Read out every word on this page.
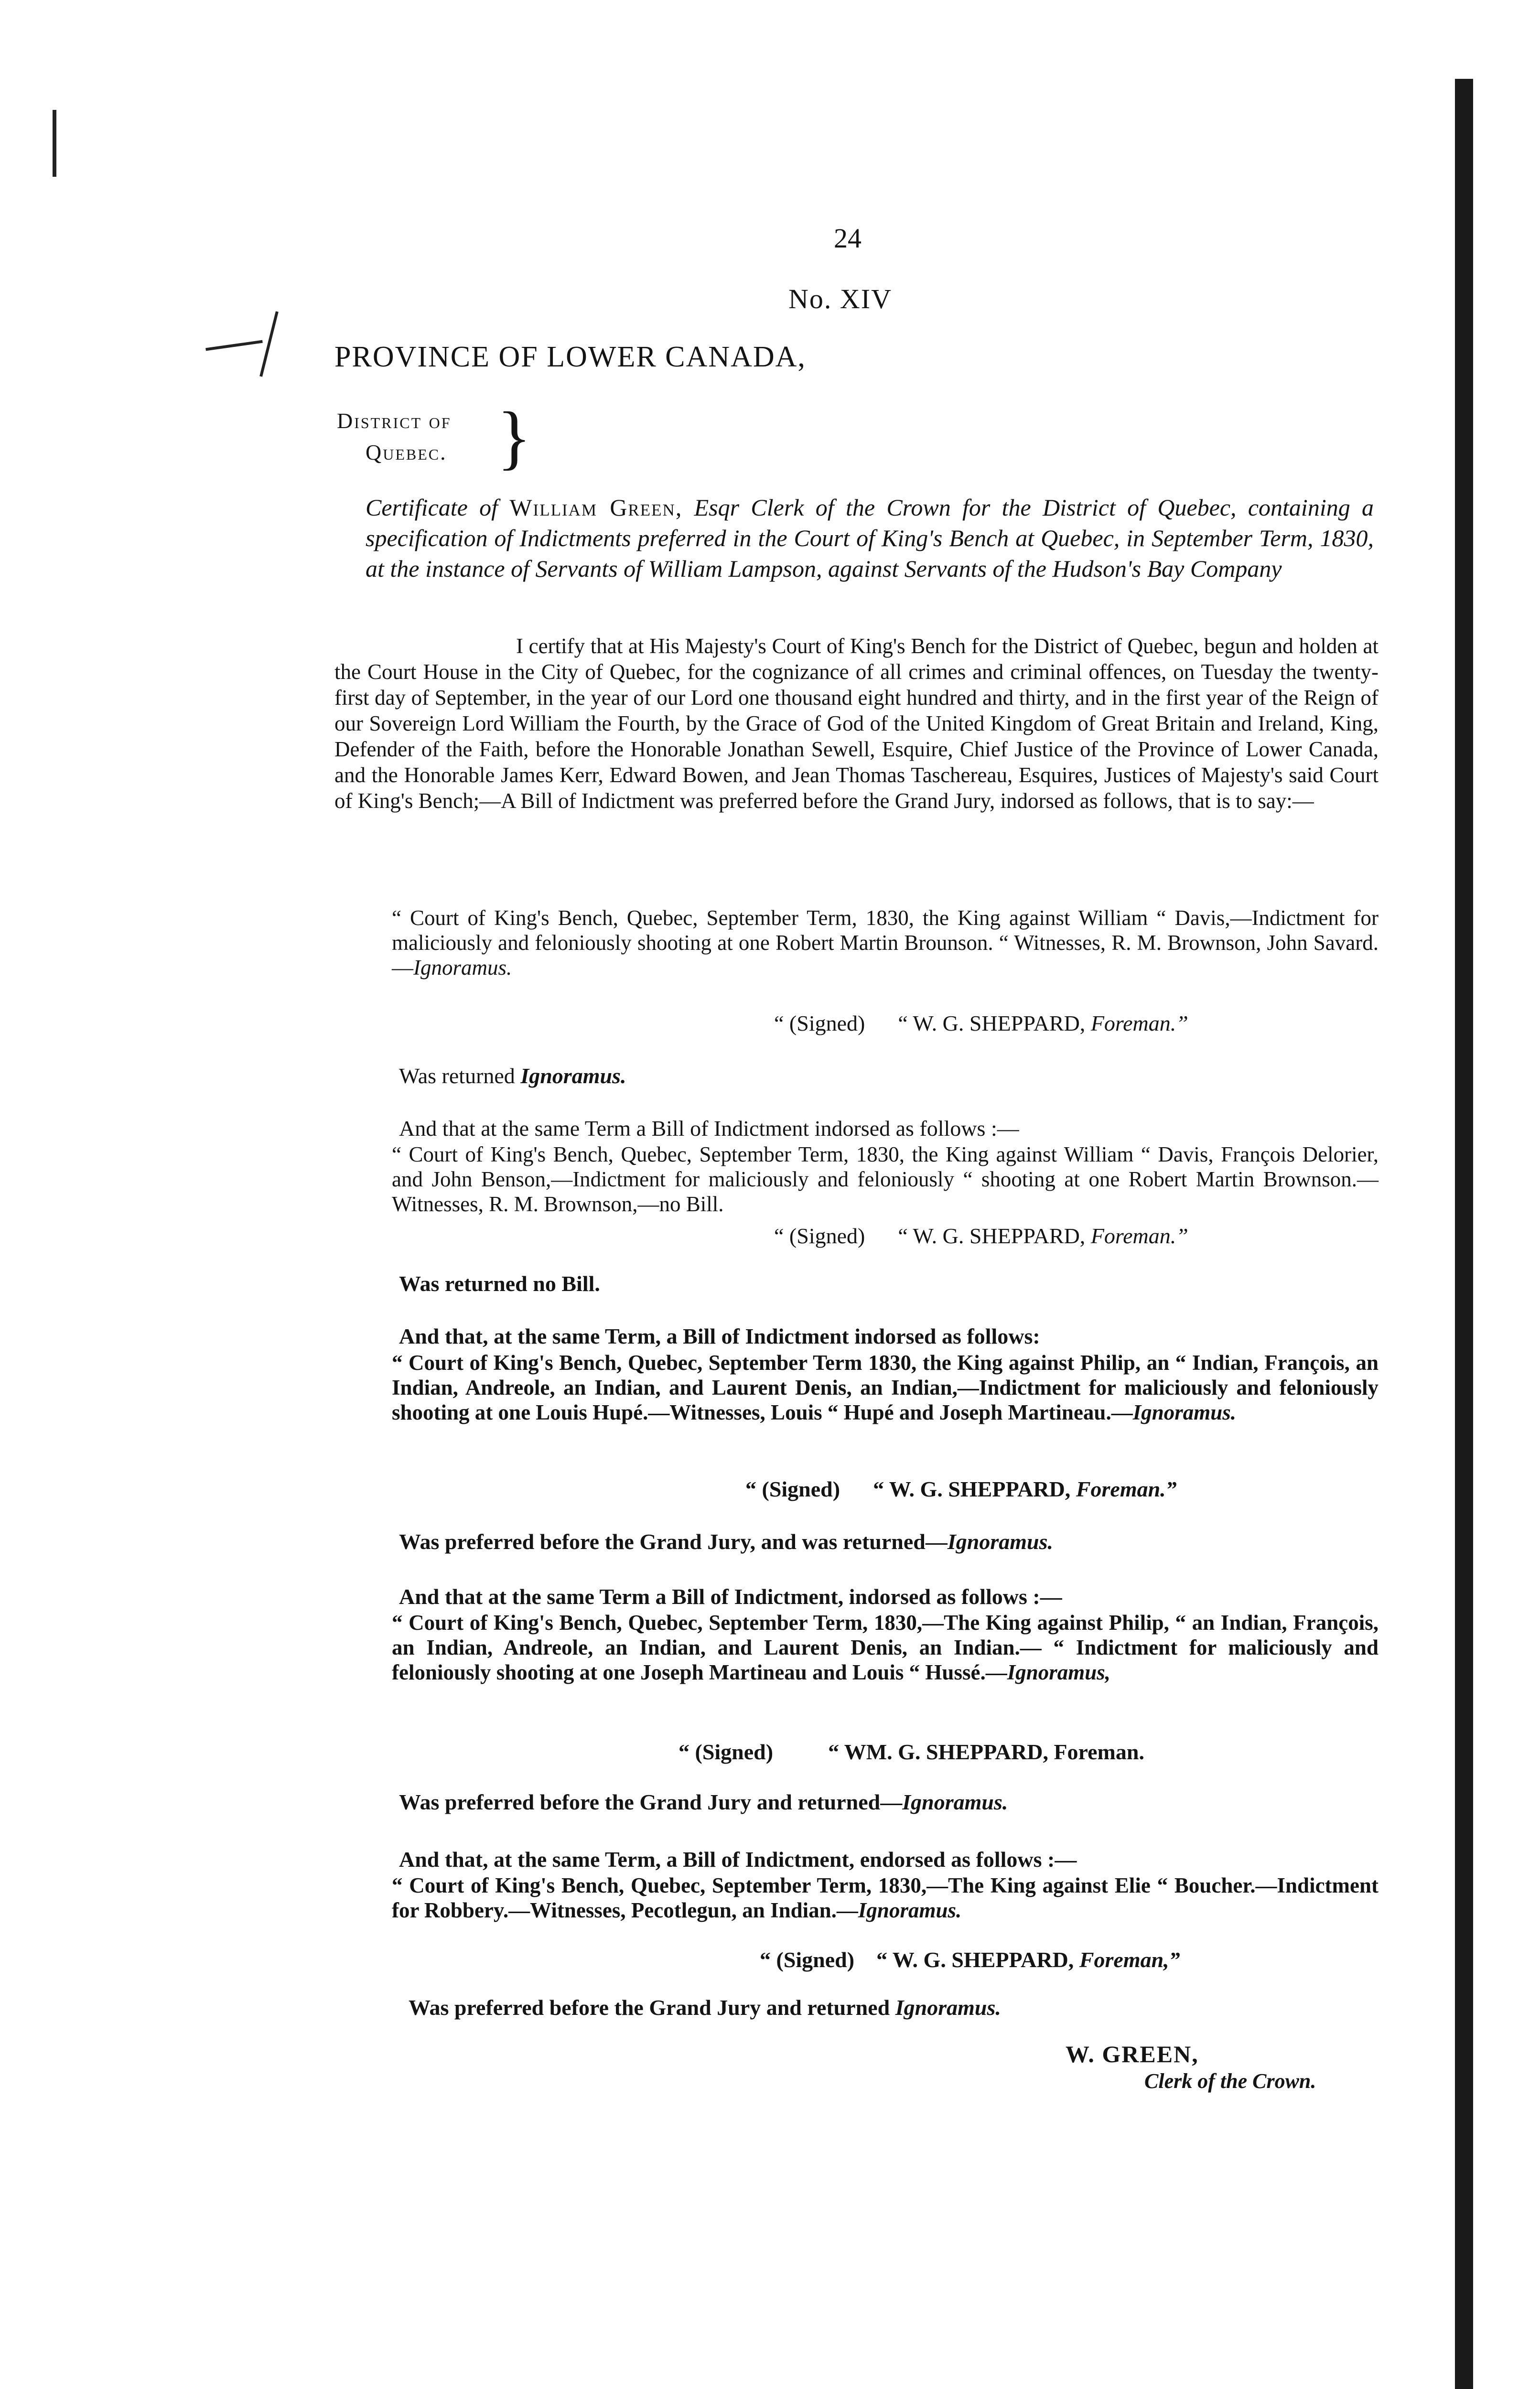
24
No. XIV
PROVINCE OF LOWER CANADA,
District of
Quebec. }
Certificate of William Green, Esqr Clerk of the Crown for the District of Quebec, containing a specification of Indictments preferred in the Court of King's Bench at Quebec, in September Term, 1830, at the instance of Servants of William Lampson, against Servants of the Hudson's Bay Company
I certify that at His Majesty's Court of King's Bench for the District of Quebec, begun and holden at the Court House in the City of Quebec, for the cognizance of all crimes and criminal offences, on Tuesday the twenty-first day of September, in the year of our Lord one thousand eight hundred and thirty, and in the first year of the Reign of our Sovereign Lord William the Fourth, by the Grace of God of the United Kingdom of Great Britain and Ireland, King, Defender of the Faith, before the Honorable Jonathan Sewell, Esquire, Chief Justice of the Province of Lower Canada, and the Honorable James Kerr, Edward Bowen, and Jean Thomas Taschereau, Esquires, Justices of Majesty's said Court of King's Bench;—A Bill of Indictment was preferred before the Grand Jury, indorsed as follows, that is to say:—
“ Court of King's Bench, Quebec, September Term, 1830, the King against William “ Davis,—Indictment for maliciously and feloniously shooting at one Robert Martin Brounson. “ Witnesses, R. M. Brownson, John Savard.—Ignoramus.
“ (Signed) “ W. G. SHEPPARD, Foreman.”
Was returned Ignoramus.
And that at the same Term a Bill of Indictment indorsed as follows :—
“ Court of King's Bench, Quebec, September Term, 1830, the King against William “ Davis, François Delorier, and John Benson,—Indictment for maliciously and feloniously “ shooting at one Robert Martin Brownson.—Witnesses, R. M. Brownson,—no Bill.
“ (Signed) “ W. G. SHEPPARD, Foreman.”
Was returned no Bill.
And that, at the same Term, a Bill of Indictment indorsed as follows:
“ Court of King's Bench, Quebec, September Term 1830, the King against Philip, an “ Indian, François, an Indian, Andreole, an Indian, and Laurent Denis, an Indian,—Indictment for maliciously and feloniously shooting at one Louis Hupé.—Witnesses, Louis “ Hupé and Joseph Martineau.—Ignoramus.
“ (Signed) “ W. G. SHEPPARD, Foreman.”
Was preferred before the Grand Jury, and was returned—Ignoramus.
And that at the same Term a Bill of Indictment, indorsed as follows :—
“ Court of King's Bench, Quebec, September Term, 1830,—The King against Philip, “ an Indian, François, an Indian, Andreole, an Indian, and Laurent Denis, an Indian.— “ Indictment for maliciously and feloniously shooting at one Joseph Martineau and Louis “ Hussé.—Ignoramus,
“ (Signed)	“ WM. G. SHEPPARD, Foreman.
Was preferred before the Grand Jury and returned—Ignoramus.
And that, at the same Term, a Bill of Indictment, endorsed as follows :—
“ Court of King's Bench, Quebec, September Term, 1830,—The King against Elie “ Boucher.—Indictment for Robbery.—Witnesses, Pecotlegun, an Indian.—Ignoramus.
“ (Signed) “ W. G. SHEPPARD, Foreman,”
Was preferred before the Grand Jury and returned Ignoramus.
W. GREEN,
Clerk of the Crown.
